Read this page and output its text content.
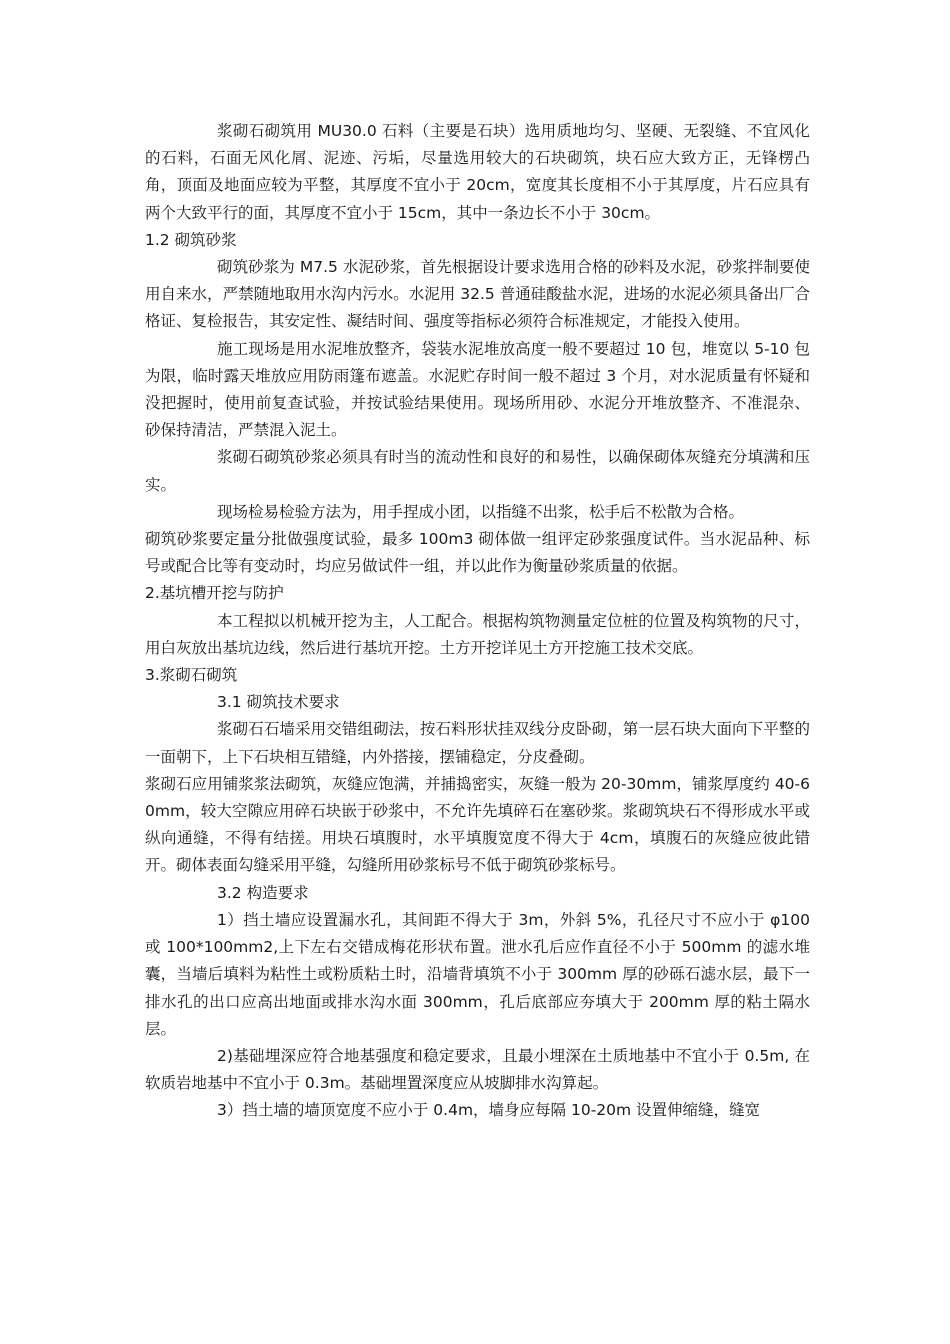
浆砌石砌筑用 MU30.0 石料（主要是石块）选用质地均匀、坚硬、无裂缝、不宜风化的石料，石面无风化屑、泥迹、污垢，尽量选用较大的石块砌筑，块石应大致方正，无锋楞凸角，顶面及地面应较为平整，其厚度不宜小于 20cm，宽度其长度相不小于其厚度，片石应具有两个大致平行的面，其厚度不宜小于 15cm，其中一条边长不小于 30cm。

1.2 砌筑砂浆

砌筑砂浆为 M7.5 水泥砂浆，首先根据设计要求选用合格的砂料及水泥，砂浆拌制要使用自来水，严禁随地取用水沟内污水。水泥用 32.5 普通硅酸盐水泥，进场的水泥必须具备出厂合格证、复检报告，其安定性、凝结时间、强度等指标必须符合标准规定，才能投入使用。

施工现场是用水泥堆放整齐，袋装水泥堆放高度一般不要超过 10 包，堆宽以 5-10 包为限，临时露天堆放应用防雨篷布遮盖。水泥贮存时间一般不超过 3 个月，对水泥质量有怀疑和没把握时，使用前复查试验，并按试验结果使用。现场所用砂、水泥分开堆放整齐、不准混杂、砂保持清洁，严禁混入泥土。

浆砌石砌筑砂浆必须具有时当的流动性和良好的和易性，以确保砌体灰缝充分填满和压实。

现场检易检验方法为，用手捏成小团，以指缝不出浆，松手后不松散为合格。

砌筑砂浆要定量分批做强度试验，最多 100m3 砌体做一组评定砂浆强度试件。当水泥品种、标号或配合比等有变动时，均应另做试件一组，并以此作为衡量砂浆质量的依据。

2.基坑槽开挖与防护

本工程拟以机械开挖为主，人工配合。根据构筑物测量定位桩的位置及构筑物的尺寸，用白灰放出基坑边线，然后进行基坑开挖。土方开挖详见土方开挖施工技术交底。

3.浆砌石砌筑

3.1 砌筑技术要求

浆砌石石墙采用交错组砌法，按石料形状挂双线分皮卧砌，第一层石块大面向下平整的一面朝下，上下石块相互错缝，内外搭接，摆铺稳定，分皮叠砌。

浆砌石应用铺浆浆法砌筑，灰缝应饱满，并捕捣密实，灰缝一般为 20-30mm，铺浆厚度约 40-60mm，较大空隙应用碎石块嵌于砂浆中，不允许先填碎石在塞砂浆。浆砌筑块石不得形成水平或纵向通缝，不得有结搓。用块石填腹时，水平填腹宽度不得大于 4cm，填腹石的灰缝应彼此错开。砌体表面勾缝采用平缝，勾缝所用砂浆标号不低于砌筑砂浆标号。

3.2 构造要求

1）挡土墙应设置漏水孔，其间距不得大于 3m，外斜 5%，孔径尺寸不应小于 φ100 或 100*100mm2,上下左右交错成梅花形状布置。泄水孔后应作直径不小于 500mm 的滤水堆囊，当墙后填料为粘性土或粉质粘土时，沿墙背填筑不小于 300mm 厚的砂砾石滤水层，最下一排水孔的出口应高出地面或排水沟水面 300mm，孔后底部应夯填大于 200mm 厚的粘土隔水层。

2)基础埋深应符合地基强度和稳定要求，且最小埋深在土质地基中不宜小于 0.5m, 在软质岩地基中不宜小于 0.3m。基础埋置深度应从坡脚排水沟算起。

3）挡土墙的墙顶宽度不应小于 0.4m，墙身应每隔 10-20m 设置伸缩缝，缝宽
